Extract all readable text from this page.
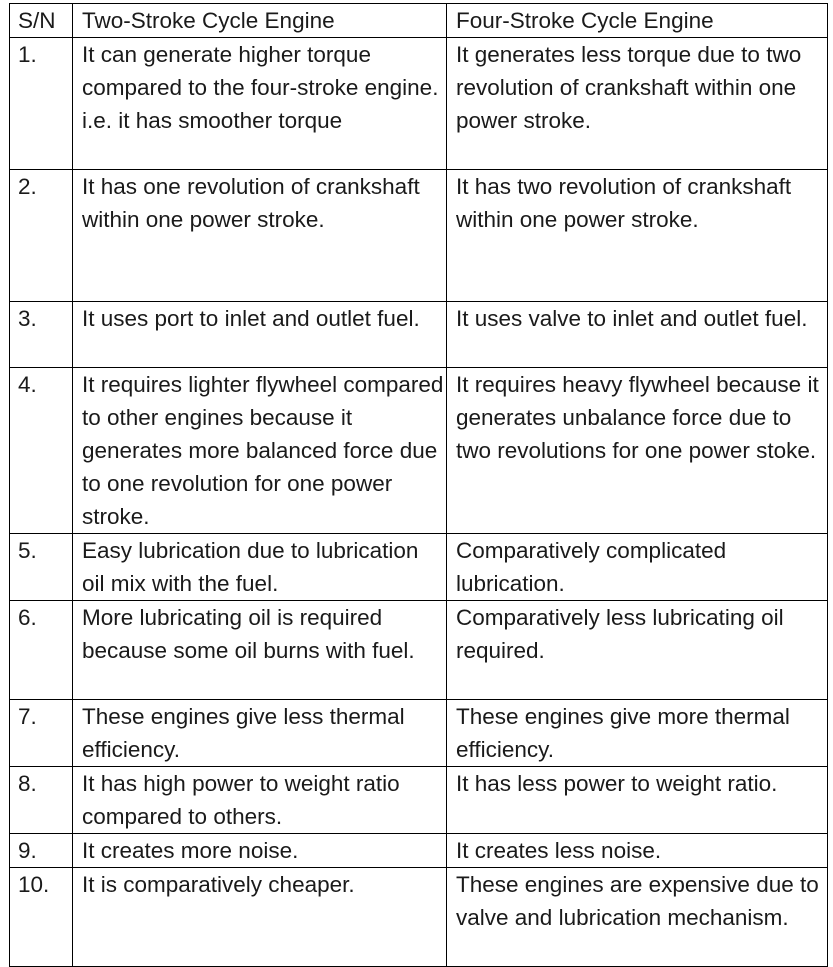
S/N	Two-Stroke Cycle Engine	Four-Stroke Cycle Engine
1.	It can generate higher torque compared to the four-stroke engine. i.e. it has smoother torque	It generates less torque due to two revolution of crankshaft within one power stroke.
2.	It has one revolution of crankshaft within one power stroke.	It has two revolution of crankshaft within one power stroke.
3.	It uses port to inlet and outlet fuel.	It uses valve to inlet and outlet fuel.
4.	It requires lighter flywheel compared to other engines because it generates more balanced force due to one revolution for one power stroke.	It requires heavy flywheel because it generates unbalance force due to two revolutions for one power stoke.
5.	Easy lubrication due to lubrication oil mix with the fuel.	Comparatively complicated lubrication.
6.	More lubricating oil is required because some oil burns with fuel.	Comparatively less lubricating oil required.
7.	These engines give less thermal efficiency.	These engines give more thermal efficiency.
8.	It has high power to weight ratio compared to others.	It has less power to weight ratio.
9.	It creates more noise.	It creates less noise.
10.	It is comparatively cheaper.	These engines are expensive due to valve and lubrication mechanism.
